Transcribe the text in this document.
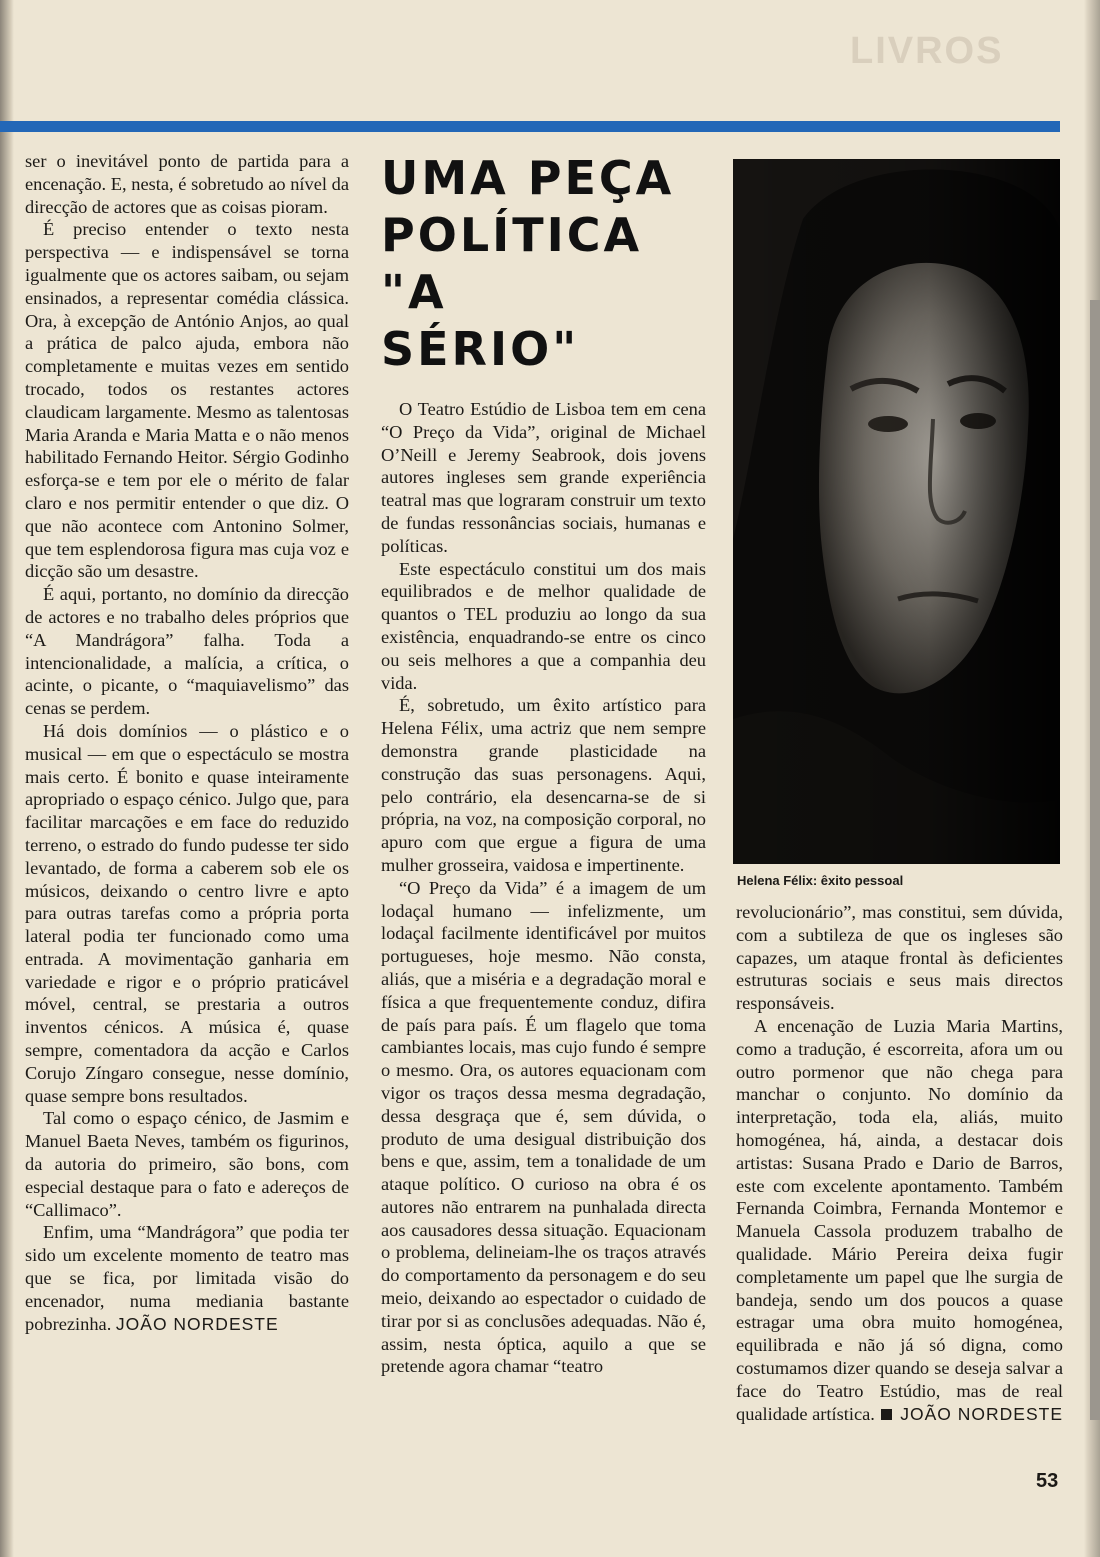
LIVROS

ser o inevitável ponto de partida para a encenação. E, nesta, é sobretudo ao nível da direcção de actores que as coisas pioram.

É preciso entender o texto nesta perspectiva — e indispensável se torna igualmente que os actores saibam, ou sejam ensinados, a representar comédia clássica. Ora, à excepção de António Anjos, ao qual a prática de palco ajuda, embora não completamente e muitas vezes em sentido trocado, todos os restantes actores claudicam largamente. Mesmo as talentosas Maria Aranda e Maria Matta e o não menos habilitado Fernando Heitor. Sérgio Godinho esforça-se e tem por ele o mérito de falar claro e nos permitir entender o que diz. O que não acontece com Antonino Solmer, que tem esplendorosa figura mas cuja voz e dicção são um desastre.

É aqui, portanto, no domínio da direcção de actores e no trabalho deles próprios que “A Mandrágora” falha. Toda a intencionalidade, a malícia, a crítica, o acinte, o picante, o “maquiavelismo” das cenas se perdem.

Há dois domínios — o plástico e o musical — em que o espectáculo se mostra mais certo. É bonito e quase inteiramente apropriado o espaço cénico. Julgo que, para facilitar marcações e em face do reduzido terreno, o estrado do fundo pudesse ter sido levantado, de forma a caberem sob ele os músicos, deixando o centro livre e apto para outras tarefas como a própria porta lateral podia ter funcionado como uma entrada. A movimentação ganharia em variedade e rigor e o próprio praticável móvel, central, se prestaria a outros inventos cénicos. A música é, quase sempre, comentadora da acção e Carlos Corujo Zíngaro consegue, nesse domínio, quase sempre bons resultados.

Tal como o espaço cénico, de Jasmim e Manuel Baeta Neves, também os figurinos, da autoria do primeiro, são bons, com especial destaque para o fato e adereços de “Callimaco”.

Enfim, uma “Mandrágora” que podia ter sido um excelente momento de teatro mas que se fica, por limitada visão do encenador, numa mediania bastante pobrezinha. JOÃO NORDESTE

UMA PEÇA
POLÍTICA
"A
SÉRIO"

O Teatro Estúdio de Lisboa tem em cena “O Preço da Vida”, original de Michael O’Neill e Jeremy Seabrook, dois jovens autores ingleses sem grande experiência teatral mas que lograram construir um texto de fundas ressonâncias sociais, humanas e políticas.

Este espectáculo constitui um dos mais equilibrados e de melhor qualidade de quantos o TEL produziu ao longo da sua existência, enquadrando-se entre os cinco ou seis melhores a que a companhia deu vida.

É, sobretudo, um êxito artístico para Helena Félix, uma actriz que nem sempre demonstra grande plasticidade na construção das suas personagens. Aqui, pelo contrário, ela desencarna-se de si própria, na voz, na composição corporal, no apuro com que ergue a figura de uma mulher grosseira, vaidosa e impertinente.

“O Preço da Vida” é a imagem de um lodaçal humano — infelizmente, um lodaçal facilmente identificável por muitos portugueses, hoje mesmo. Não consta, aliás, que a miséria e a degradação moral e física a que frequentemente conduz, difira de país para país. É um flagelo que toma cambiantes locais, mas cujo fundo é sempre o mesmo. Ora, os autores equacionam com vigor os traços dessa mesma degradação, dessa desgraça que é, sem dúvida, o produto de uma desigual distribuição dos bens e que, assim, tem a tonalidade de um ataque político. O curioso na obra é os autores não entrarem na punhalada directa aos causadores dessa situação. Equacionam o problema, delineiam-lhe os traços através do comportamento da personagem e do seu meio, deixando ao espectador o cuidado de tirar por si as conclusões adequadas. Não é, assim, nesta óptica, aquilo a que se pretende agora chamar “teatro

Helena Félix: êxito pessoal

revolucionário”, mas constitui, sem dúvida, com a subtileza de que os ingleses são capazes, um ataque frontal às deficientes estruturas sociais e seus mais directos responsáveis.

A encenação de Luzia Maria Martins, como a tradução, é escorreita, afora um ou outro pormenor que não chega para manchar o conjunto. No domínio da interpretação, toda ela, aliás, muito homogénea, há, ainda, a destacar dois artistas: Susana Prado e Dario de Barros, este com excelente apontamento. Também Fernanda Coimbra, Fernanda Montemor e Manuela Cassola produzem trabalho de qualidade. Mário Pereira deixa fugir completamente um papel que lhe surgia de bandeja, sendo um dos poucos a quase estragar uma obra muito homogénea, equilibrada e não já só digna, como costumamos dizer quando se deseja salvar a face do Teatro Estúdio, mas de real qualidade artística. JOÃO NORDESTE

53
